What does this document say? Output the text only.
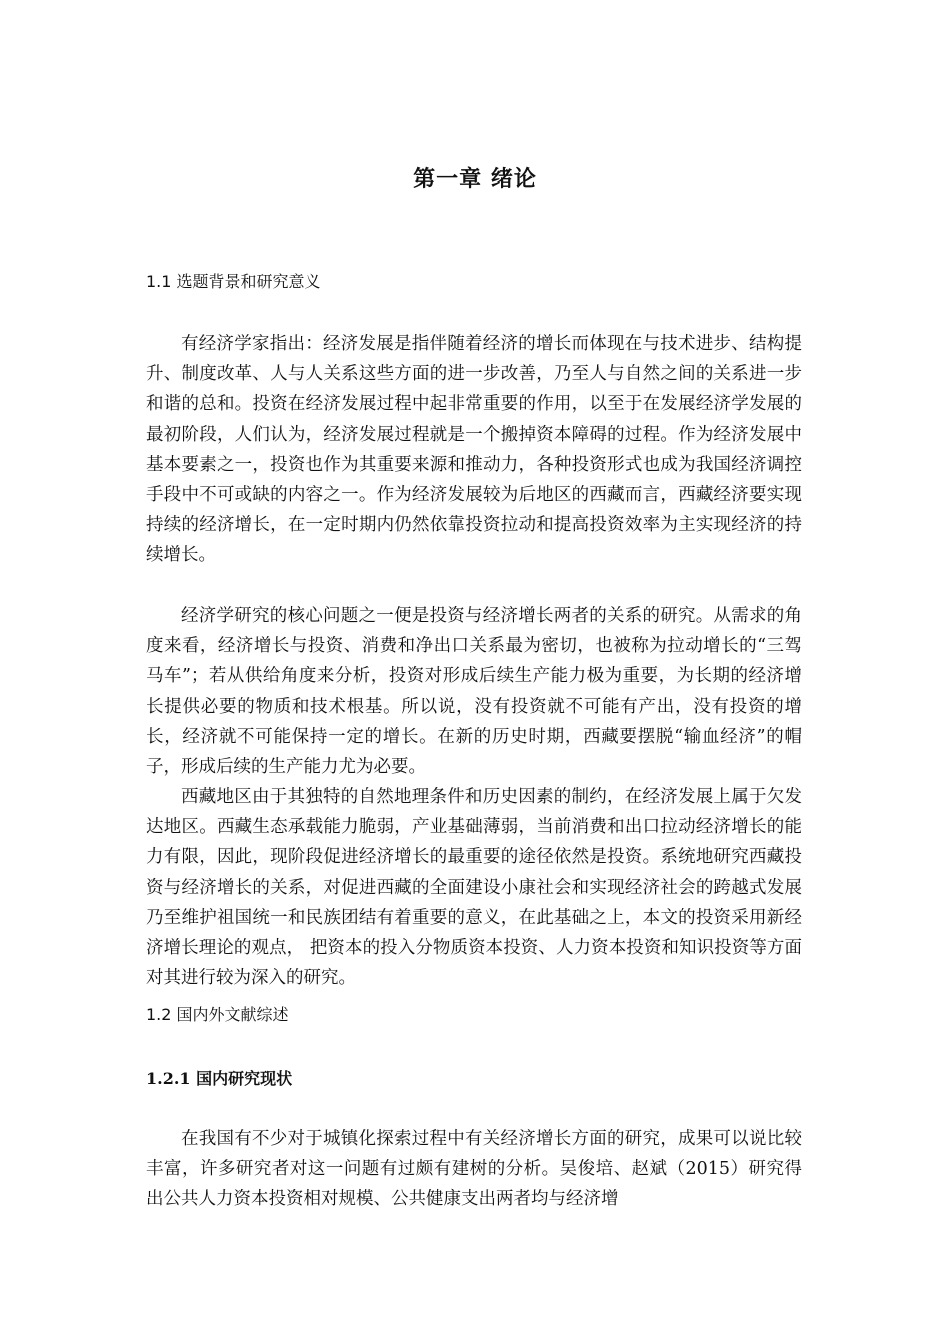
第一章 绪论
1.1 选题背景和研究意义

有经济学家指出：经济发展是指伴随着经济的增长而体现在与技术进步、结构提升、制度改革、人与人关系这些方面的进一步改善，乃至人与自然之间的关系进一步和谐的总和。投资在经济发展过程中起非常重要的作用，以至于在发展经济学发展的最初阶段，人们认为，经济发展过程就是一个搬掉资本障碍的过程。作为经济发展中基本要素之一，投资也作为其重要来源和推动力，各种投资形式也成为我国经济调控手段中不可或缺的内容之一。作为经济发展较为后地区的西藏而言，西藏经济要实现持续的经济增长，在一定时期内仍然依靠投资拉动和提高投资效率为主实现经济的持续增长。

经济学研究的核心问题之一便是投资与经济增长两者的关系的研究。从需求的角度来看，经济增长与投资、消费和净出口关系最为密切，也被称为拉动增长的“三驾马车”；若从供给角度来分析，投资对形成后续生产能力极为重要，为长期的经济增长提供必要的物质和技术根基。所以说，没有投资就不可能有产出，没有投资的增长，经济就不可能保持一定的增长。在新的历史时期，西藏要摆脱“输血经济”的帽子，形成后续的生产能力尤为必要。

西藏地区由于其独特的自然地理条件和历史因素的制约，在经济发展上属于欠发达地区。西藏生态承载能力脆弱，产业基础薄弱，当前消费和出口拉动经济增长的能力有限，因此，现阶段促进经济增长的最重要的途径依然是投资。系统地研究西藏投资与经济增长的关系，对促进西藏的全面建设小康社会和实现经济社会的跨越式发展乃至维护祖国统一和民族团结有着重要的意义，在此基础之上，本文的投资采用新经济增长理论的观点， 把资本的投入分物质资本投资、人力资本投资和知识投资等方面对其进行较为深入的研究。

1.2 国内外文献综述
1.2.1 国内研究现状

在我国有不少对于城镇化探索过程中有关经济增长方面的研究，成果可以说比较丰富，许多研究者对这一问题有过颇有建树的分析。吴俊培、赵斌（2015）研究得出公共人力资本投资相对规模、公共健康支出两者均与经济增
